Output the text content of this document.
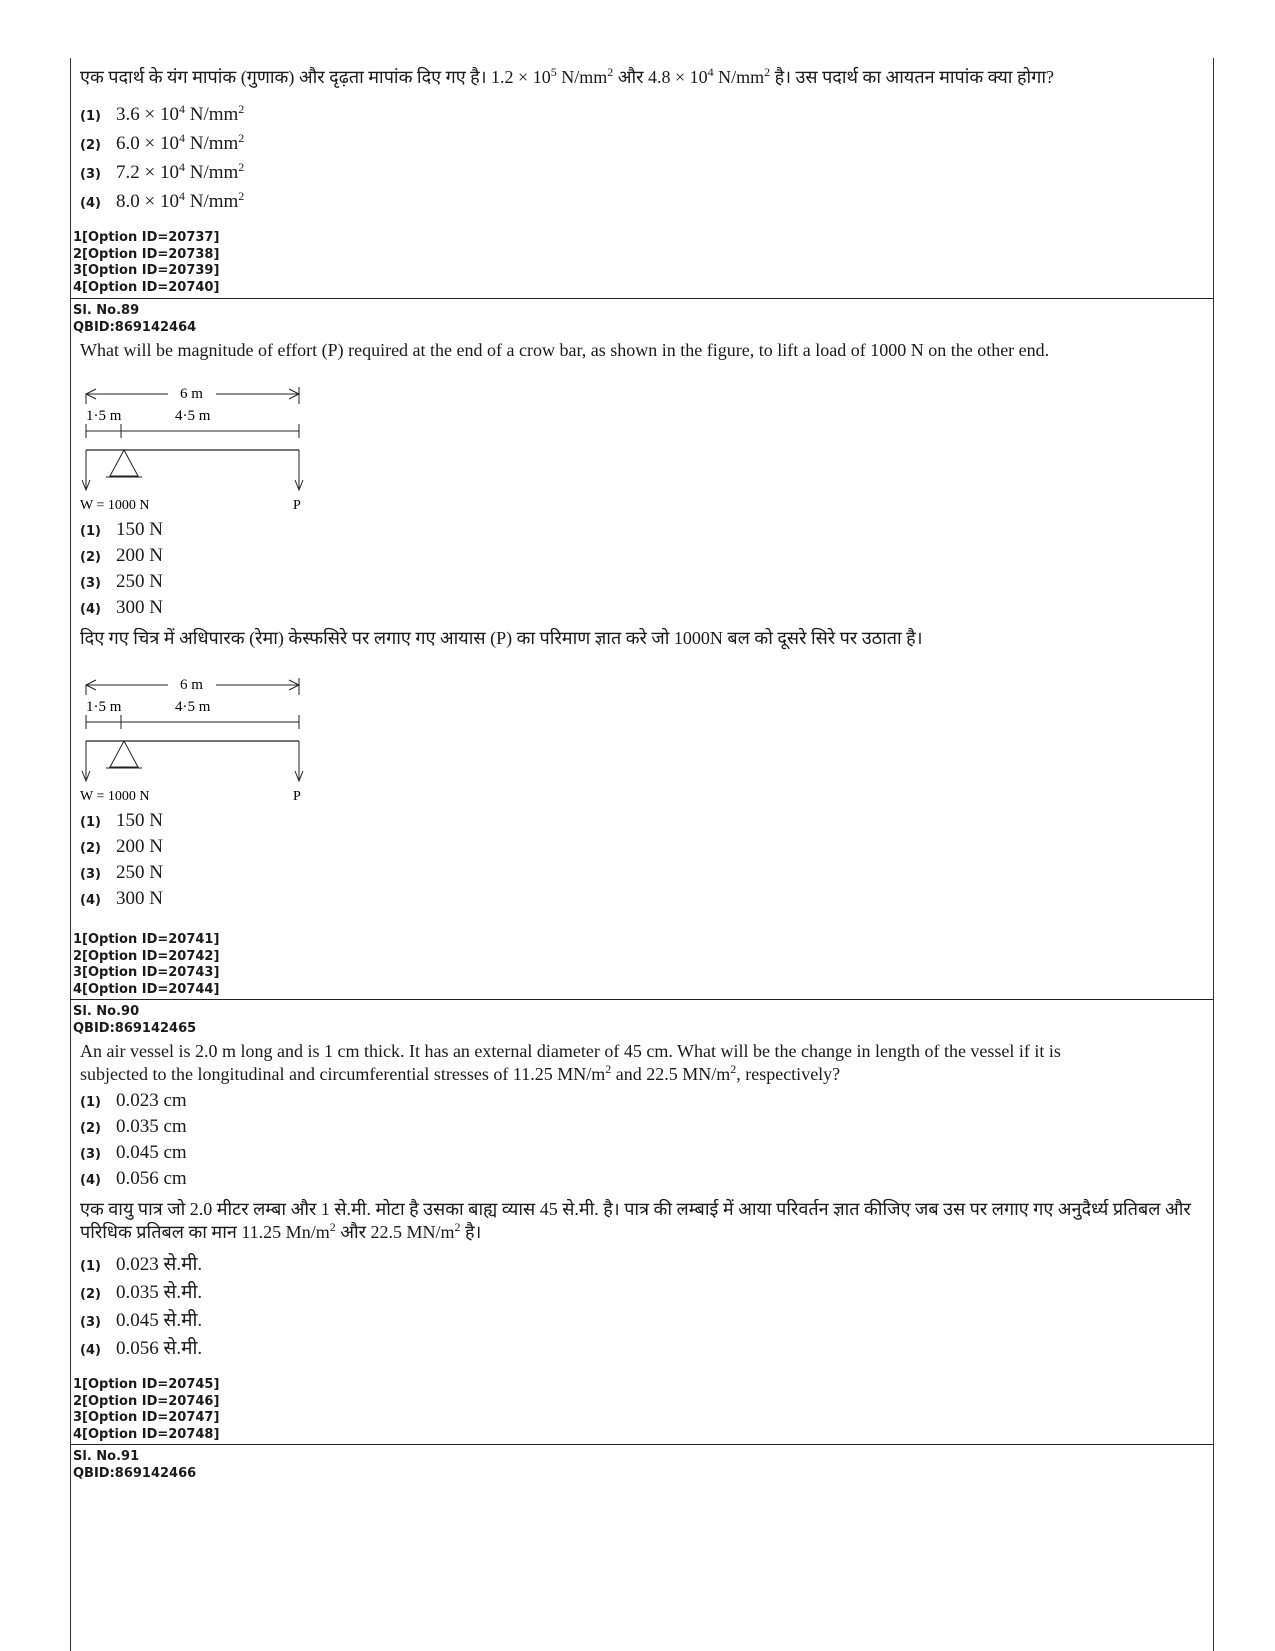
एक पदार्थ के यंग मापांक (गुणाक) और दृढ़ता मापांक दिए गए है। $1.2 \times 10^5$ $N/mm^2$ और $4.8 \times 10^4$ $N/mm^2$ है। उस पदार्थ का आयतन मापांक क्या होगा?
(1) $3.6 \times 10^4$ $N/mm^2$
(2) $6.0 \times 10^4$ $N/mm^2$
(3) $7.2 \times 10^4$ $N/mm^2$
(4) $8.0 \times 10^4$ $N/mm^2$
1[Option ID=20737]
2[Option ID=20738]
3[Option ID=20739]
4[Option ID=20740]
Sl. No.89
QBID:869142464
What will be magnitude of effort (P) required at the end of a crow bar, as shown in the figure, to lift a load of 1000 N on the other end.
6 m
1·5 m	4·5 m
W = 1000 N	P
(1) 150 N
(2) 200 N
(3) 250 N
(4) 300 N
दिए गए चित्र में अधिपारक (रेमा) केस्फसिरे पर लगाए गए आयास (P) का परिमाण ज्ञात करे जो 1000N बल को दूसरे सिरे पर उठाता है।
6 m
1·5 m	4·5 m
W = 1000 N	P
(1) 150 N
(2) 200 N
(3) 250 N
(4) 300 N
1[Option ID=20741]
2[Option ID=20742]
3[Option ID=20743]
4[Option ID=20744]
Sl. No.90
QBID:869142465
An air vessel is 2.0 m long and is 1 cm thick. It has an external diameter of 45 cm. What will be the change in length of the vessel if it is
subjected to the longitudinal and circumferential stresses of 11.25 $MN/m^2$ and 22.5 $MN/m^2$, respectively?
(1) 0.023 cm
(2) 0.035 cm
(3) 0.045 cm
(4) 0.056 cm
एक वायु पात्र जो 2.0 मीटर लम्बा और 1 से.मी. मोटा है उसका बाह्य व्यास 45 से.मी. है। पात्र की लम्बाई में आया परिवर्तन ज्ञात कीजिए जब उस पर लगाए गए अनुदैर्ध्य प्रतिबल और
परिधिक प्रतिबल का मान 11.25 $Mn/m^2$ और 22.5 $MN/m^2$ है।
(1) 0.023 से.मी.
(2) 0.035 से.मी.
(3) 0.045 से.मी.
(4) 0.056 से.मी.
1[Option ID=20745]
2[Option ID=20746]
3[Option ID=20747]
4[Option ID=20748]
Sl. No.91
QBID:869142466
